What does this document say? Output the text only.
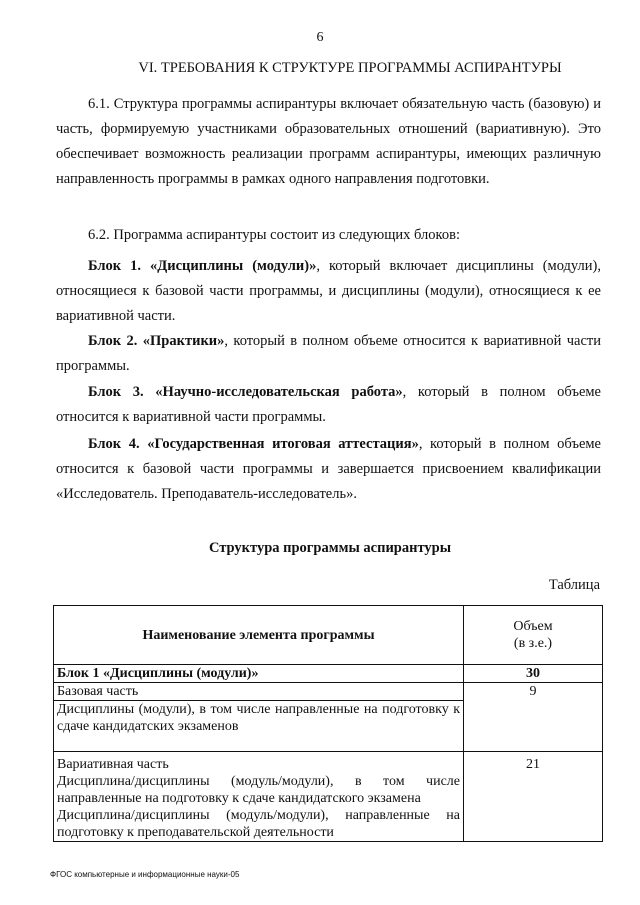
6
VI. ТРЕБОВАНИЯ К СТРУКТУРЕ ПРОГРАММЫ АСПИРАНТУРЫ
6.1. Структура программы аспирантуры включает обязательную часть (базовую) и часть, формируемую участниками образовательных отношений (вариативную). Это обеспечивает возможность реализации программ аспирантуры, имеющих различную направленность программы в рамках одного направления подготовки.
6.2. Программа аспирантуры состоит из следующих блоков:
Блок 1. «Дисциплины (модули)», который включает дисциплины (модули), относящиеся к базовой части программы, и дисциплины (модули), относящиеся к ее вариативной части.
Блок 2. «Практики», который в полном объеме относится к вариативной части программы.
Блок 3. «Научно-исследовательская работа», который в полном объеме относится к вариативной части программы.
Блок 4. «Государственная итоговая аттестация», который в полном объеме относится к базовой части программы и завершается присвоением квалификации «Исследователь. Преподаватель-исследователь».
Структура программы аспирантуры
Таблица
Наименование элемента программы	Объем
(в з.е.)

Блок 1 «Дисциплины (модули)»	30
Базовая часть	9
Дисциплины (модули), в том числе направленные на подготовку к сдаче кандидатских экзаменов	

Вариативная часть
Дисциплина/дисциплины (модуль/модули), в том числе направленные на подготовку к сдаче кандидатского экзамена
Дисциплина/дисциплины (модуль/модули), направленные на подготовку к преподавательской деятельности	21
ФГОС компьютерные и информационные науки-05
